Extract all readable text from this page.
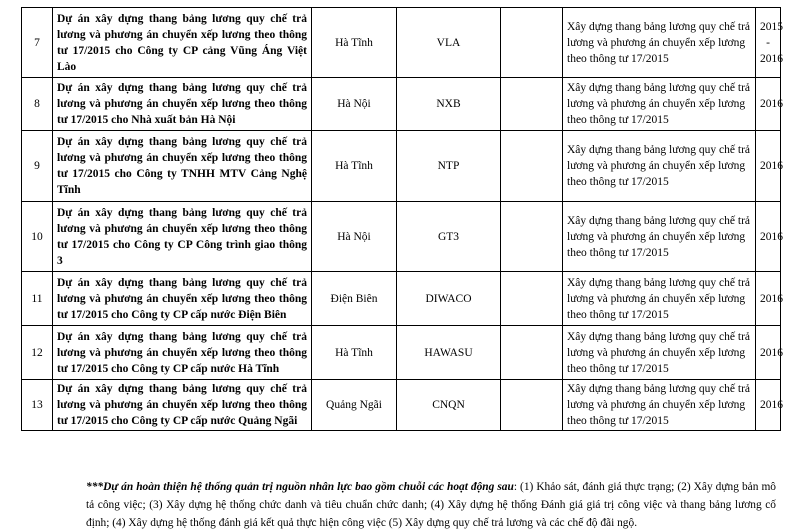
7	Dự án xây dựng thang bảng lương quy chế trả lương và phương án chuyển xếp lương theo thông tư 17/2015 cho Công ty CP cảng Vũng Áng Việt Lào	Hà Tĩnh	VLA		Xây dựng thang bảng lương quy chế trả lương và phương án chuyển xếp lương theo thông tư 17/2015	2015 - 2016
8	Dự án xây dựng thang bảng lương quy chế trả lương và phương án chuyển xếp lương theo thông tư 17/2015 cho Nhà xuất bản Hà Nội	Hà Nội	NXB		Xây dựng thang bảng lương quy chế trả lương và phương án chuyển xếp lương theo thông tư 17/2015	2016
9	Dự án xây dựng thang bảng lương quy chế trả lương và phương án chuyển xếp lương theo thông tư 17/2015 cho Công ty TNHH MTV Cảng Nghệ Tĩnh	Hà Tĩnh	NTP		Xây dựng thang bảng lương quy chế trả lương và phương án chuyển xếp lương theo thông tư 17/2015	2016
10	Dự án xây dựng thang bảng lương quy chế trả lương và phương án chuyển xếp lương theo thông tư 17/2015 cho Công ty CP Công trình giao thông 3	Hà Nội	GT3		Xây dựng thang bảng lương quy chế trả lương và phương án chuyển xếp lương theo thông tư 17/2015	2016
11	Dự án xây dựng thang bảng lương quy chế trả lương và phương án chuyển xếp lương theo thông tư 17/2015 cho Công ty CP cấp nước Điện Biên	Điện Biên	DIWACO		Xây dựng thang bảng lương quy chế trả lương và phương án chuyển xếp lương theo thông tư 17/2015	2016
12	Dự án xây dựng thang bảng lương quy chế trả lương và phương án chuyển xếp lương theo thông tư 17/2015 cho Công ty CP cấp nước Hà Tĩnh	Hà Tĩnh	HAWASU		Xây dựng thang bảng lương quy chế trả lương và phương án chuyển xếp lương theo thông tư 17/2015	2016
13	Dự án xây dựng thang bảng lương quy chế trả lương và phương án chuyển xếp lương theo thông tư 17/2015 cho Công ty CP cấp nước Quảng Ngãi	Quảng Ngãi	CNQN		Xây dựng thang bảng lương quy chế trả lương và phương án chuyển xếp lương theo thông tư 17/2015	2016

***Dự án hoàn thiện hệ thống quản trị nguồn nhân lực bao gồm chuỗi các hoạt động sau: (1) Khảo sát, đánh giá thực trạng; (2) Xây dựng bản mô tả công việc; (3) Xây dựng hệ thống chức danh và tiêu chuẩn chức danh; (4) Xây dựng hệ thống Đánh giá giá trị công việc và thang bảng lương cố định; (4) Xây dựng hệ thống đánh giá kết quả thực hiện công việc (5) Xây dựng quy chế trả lương và các chế độ đãi ngộ.
